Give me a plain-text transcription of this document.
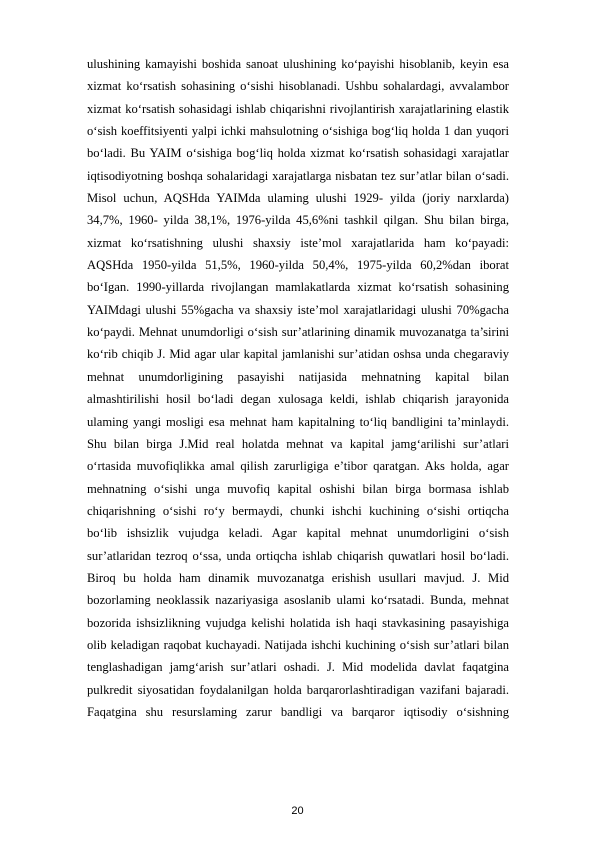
ulushining kamayishi boshida sanoat ulushining ko‘payishi hisoblanib, keyin esa
xizmat ko‘rsatish sohasining o‘sishi hisoblanadi. Ushbu sohalardagi, avvalambor
xizmat ko‘rsatish sohasidagi ishlab chiqarishni rivojlantirish xarajatlarining elastik
o‘sish koeffitsiyenti yalpi ichki mahsulotning o‘sishiga bog‘liq holda 1 dan yuqori
bo‘ladi. Bu YAIM o‘sishiga bog‘liq holda xizmat ko‘rsatish sohasidagi xarajatlar
iqtisodiyotning boshqa sohalaridagi xarajatlarga nisbatan tez sur’atlar bilan o‘sadi.
Misol uchun, AQSHda YAIMda ulaming ulushi 1929- yilda (joriy narxlarda)
34,7%, 1960- yilda 38,1%, 1976-yilda 45,6%ni tashkil qilgan. Shu bilan birga,
xizmat ko‘rsatishning ulushi shaxsiy iste’mol xarajatlarida ham ko‘payadi:
AQSHda 1950-yilda 51,5%, 1960-yilda 50,4%, 1975-yilda 60,2%dan iborat
bo‘Igan. 1990-yillarda rivojlangan mamlakatlarda xizmat ko‘rsatish sohasining
YAIMdagi ulushi 55%gacha va shaxsiy iste’mol xarajatlaridagi ulushi 70%gacha
ko‘paydi. Mehnat unumdorligi o‘sish sur’atlarining dinamik muvozanatga ta’sirini
ko‘rib chiqib J. Mid agar ular kapital jamlanishi sur’atidan oshsa unda chegaraviy
mehnat unumdorligining pasayishi natijasida mehnatning kapital bilan
almashtirilishi hosil bo‘ladi degan xulosaga keldi, ishlab chiqarish jarayonida
ulaming yangi mosligi esa mehnat ham kapitalning to‘liq bandligini ta’minlaydi.
Shu bilan birga J.Mid real holatda mehnat va kapital jamg‘arilishi sur’atlari
o‘rtasida muvofiqlikka amal qilish zarurligiga e’tibor qaratgan. Aks holda, agar
mehnatning o‘sishi unga muvofiq kapital oshishi bilan birga bormasa ishlab
chiqarishning o‘sishi ro‘y bermaydi, chunki ishchi kuchining o‘sishi ortiqcha
bo‘lib ishsizlik vujudga keladi. Agar kapital mehnat unumdorligini o‘sish
sur’atlaridan tezroq o‘ssa, unda ortiqcha ishlab chiqarish quwatlari hosil bo‘ladi.
Biroq bu holda ham dinamik muvozanatga erishish usullari mavjud. J. Mid
bozorlaming neoklassik nazariyasiga asoslanib ulami ko‘rsatadi. Bunda, mehnat
bozorida ishsizlikning vujudga kelishi holatida ish haqi stavkasining pasayishiga
olib keladigan raqobat kuchayadi. Natijada ishchi kuchining o‘sish sur’atlari bilan
tenglashadigan jamg‘arish sur’atlari oshadi. J. Mid modelida davlat faqatgina
pulkredit siyosatidan foydalanilgan holda barqarorlashtiradigan vazifani bajaradi.
Faqatgina shu resurslaming zarur bandligi va barqaror iqtisodiy o‘sishning
20
